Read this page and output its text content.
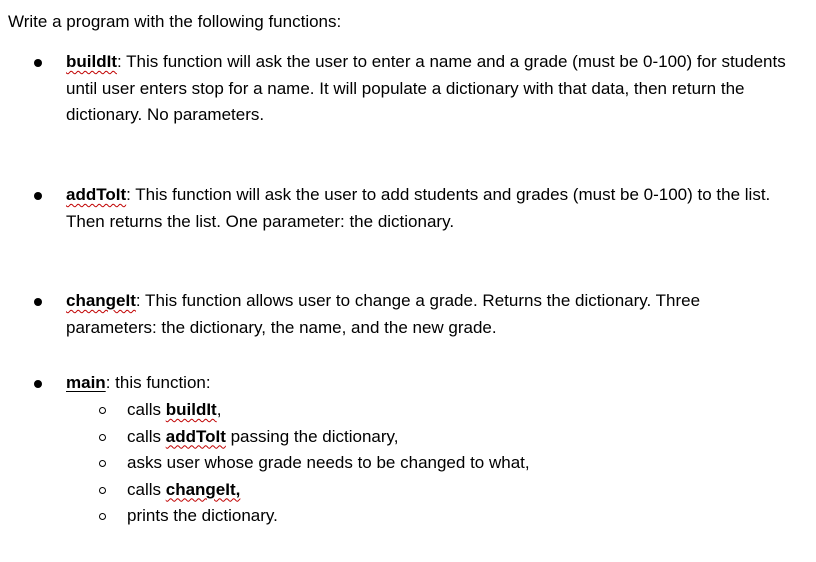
Write a program with the following functions:

buildIt: This function will ask the user to enter a name and a grade (must be 0-100) for students until user enters stop for a name. It will populate a dictionary with that data, then return the dictionary. No parameters.

addToIt: This function will ask the user to add students and grades (must be 0-100) to the list. Then returns the list. One parameter: the dictionary.

changeIt: This function allows user to change a grade. Returns the dictionary. Three parameters: the dictionary, the name, and the new grade.

main: this function:

calls buildIt,
calls addToIt passing the dictionary,
asks user whose grade needs to be changed to what,
calls changeIt,
prints the dictionary.
